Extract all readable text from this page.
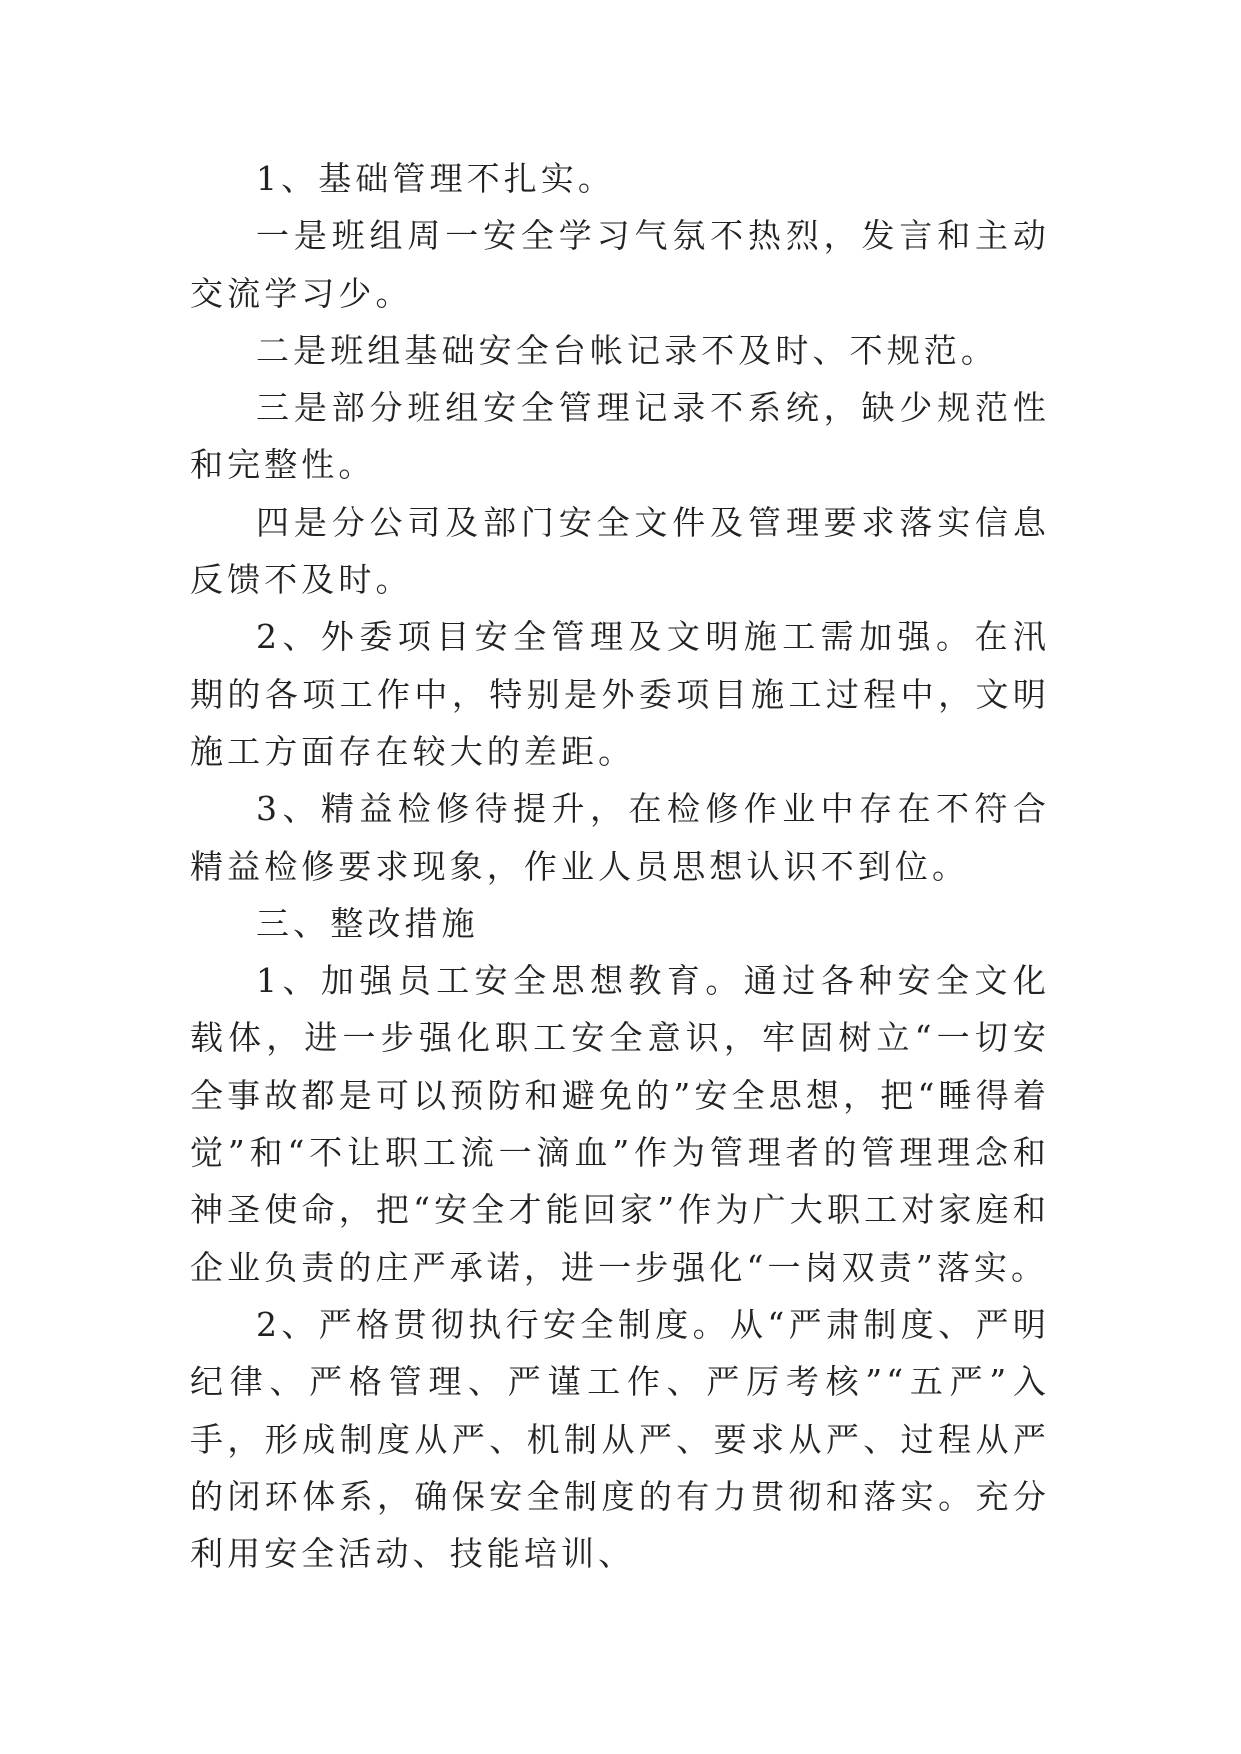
1、基础管理不扎实。

一是班组周一安全学习气氛不热烈，发言和主动交流学习少。

二是班组基础安全台帐记录不及时、不规范。

三是部分班组安全管理记录不系统，缺少规范性和完整性。

四是分公司及部门安全文件及管理要求落实信息反馈不及时。

2、外委项目安全管理及文明施工需加强。在汛期的各项工作中，特别是外委项目施工过程中，文明施工方面存在较大的差距。

3、精益检修待提升，在检修作业中存在不符合精益检修要求现象，作业人员思想认识不到位。

三、整改措施

1、加强员工安全思想教育。通过各种安全文化载体，进一步强化职工安全意识，牢固树立“一切安全事故都是可以预防和避免的”安全思想，把“睡得着觉”和“不让职工流一滴血”作为管理者的管理理念和神圣使命，把“安全才能回家”作为广大职工对家庭和企业负责的庄严承诺，进一步强化“一岗双责”落实。

2、严格贯彻执行安全制度。从“严肃制度、严明纪律、严格管理、严谨工作、严厉考核”“五严”入手，形成制度从严、机制从严、要求从严、过程从严的闭环体系，确保安全制度的有力贯彻和落实。充分利用安全活动、技能培训、
